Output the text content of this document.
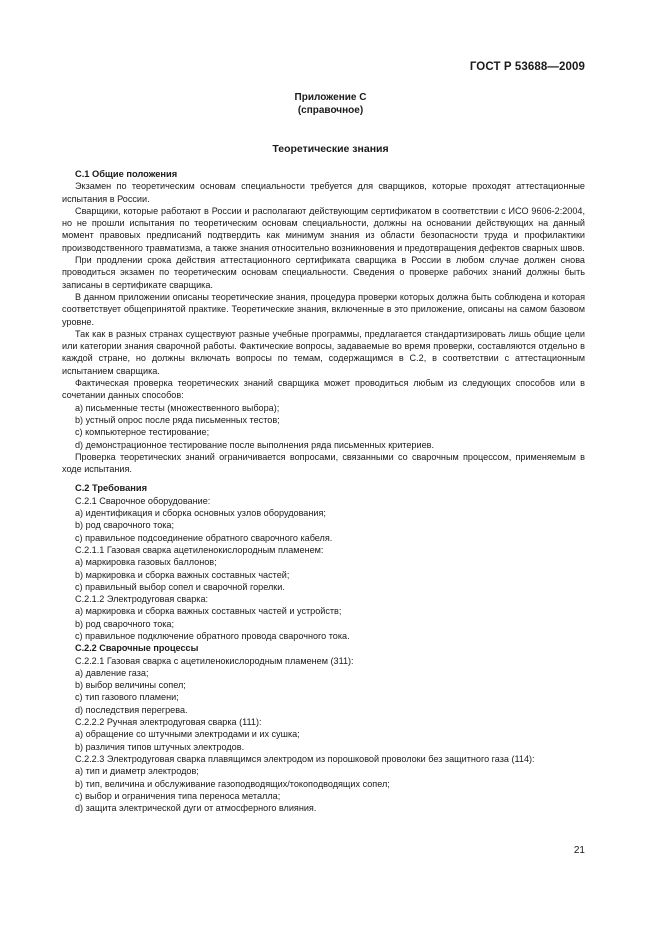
ГОСТ Р 53688—2009
Приложение С
(справочное)
Теоретические знания
С.1 Общие положения

Экзамен по теоретическим основам специальности требуется для сварщиков, которые проходят аттестационные испытания в России.

Сварщики, которые работают в России и располагают действующим сертификатом в соответствии с ИСО 9606-2:2004, но не прошли испытания по теоретическим основам специальности, должны на основании действующих на данный момент правовых предписаний подтвердить как минимум знания из области безопасности труда и профилактики производственного травматизма, а также знания относительно возникновения и предотвращения дефектов сварных швов.

При продлении срока действия аттестационного сертификата сварщика в России в любом случае должен снова проводиться экзамен по теоретическим основам специальности. Сведения о проверке рабочих знаний должны быть записаны в сертификате сварщика.

В данном приложении описаны теоретические знания, процедура проверки которых должна быть соблюдена и которая соответствует общепринятой практике. Теоретические знания, включенные в это приложение, описаны на самом базовом уровне.

Так как в разных странах существуют разные учебные программы, предлагается стандартизировать лишь общие цели или категории знания сварочной работы. Фактические вопросы, задаваемые во время проверки, составляются отдельно в каждой стране, но должны включать вопросы по темам, содержащимся в С.2, в соответствии с аттестационным испытанием сварщика.

Фактическая проверка теоретических знаний сварщика может проводиться любым из следующих способов или в сочетании данных способов:

a) письменные тесты (множественного выбора);

b) устный опрос после ряда письменных тестов;

c) компьютерное тестирование;

d) демонстрационное тестирование после выполнения ряда письменных критериев.

Проверка теоретических знаний ограничивается вопросами, связанными со сварочным процессом, применяемым в ходе испытания.

С.2 Требования

С.2.1 Сварочное оборудование:

a) идентификация и сборка основных узлов оборудования;

b) род сварочного тока;

c) правильное подсоединение обратного сварочного кабеля.

С.2.1.1 Газовая сварка ацетиленокислородным пламенем:

a) маркировка газовых баллонов;

b) маркировка и сборка важных составных частей;

c) правильный выбор сопел и сварочной горелки.

С.2.1.2 Электродуговая сварка:

a) маркировка и сборка важных составных частей и устройств;

b) род сварочного тока;

c) правильное подключение обратного провода сварочного тока.

С.2.2 Сварочные процессы

С.2.2.1 Газовая сварка с ацетиленокислородным пламенем (311):

a) давление газа;

b) выбор величины сопел;

c) тип газового пламени;

d) последствия перегрева.

С.2.2.2 Ручная электродуговая сварка (111):

a) обращение со штучными электродами и их сушка;

b) различия типов штучных электродов.

С.2.2.3 Электродуговая сварка плавящимся электродом из порошковой проволоки без защитного газа (114):

a) тип и диаметр электродов;

b) тип, величина и обслуживание газоподводящих/токоподводящих сопел;

c) выбор и ограничения типа переноса металла;

d) защита электрической дуги от атмосферного влияния.

21
